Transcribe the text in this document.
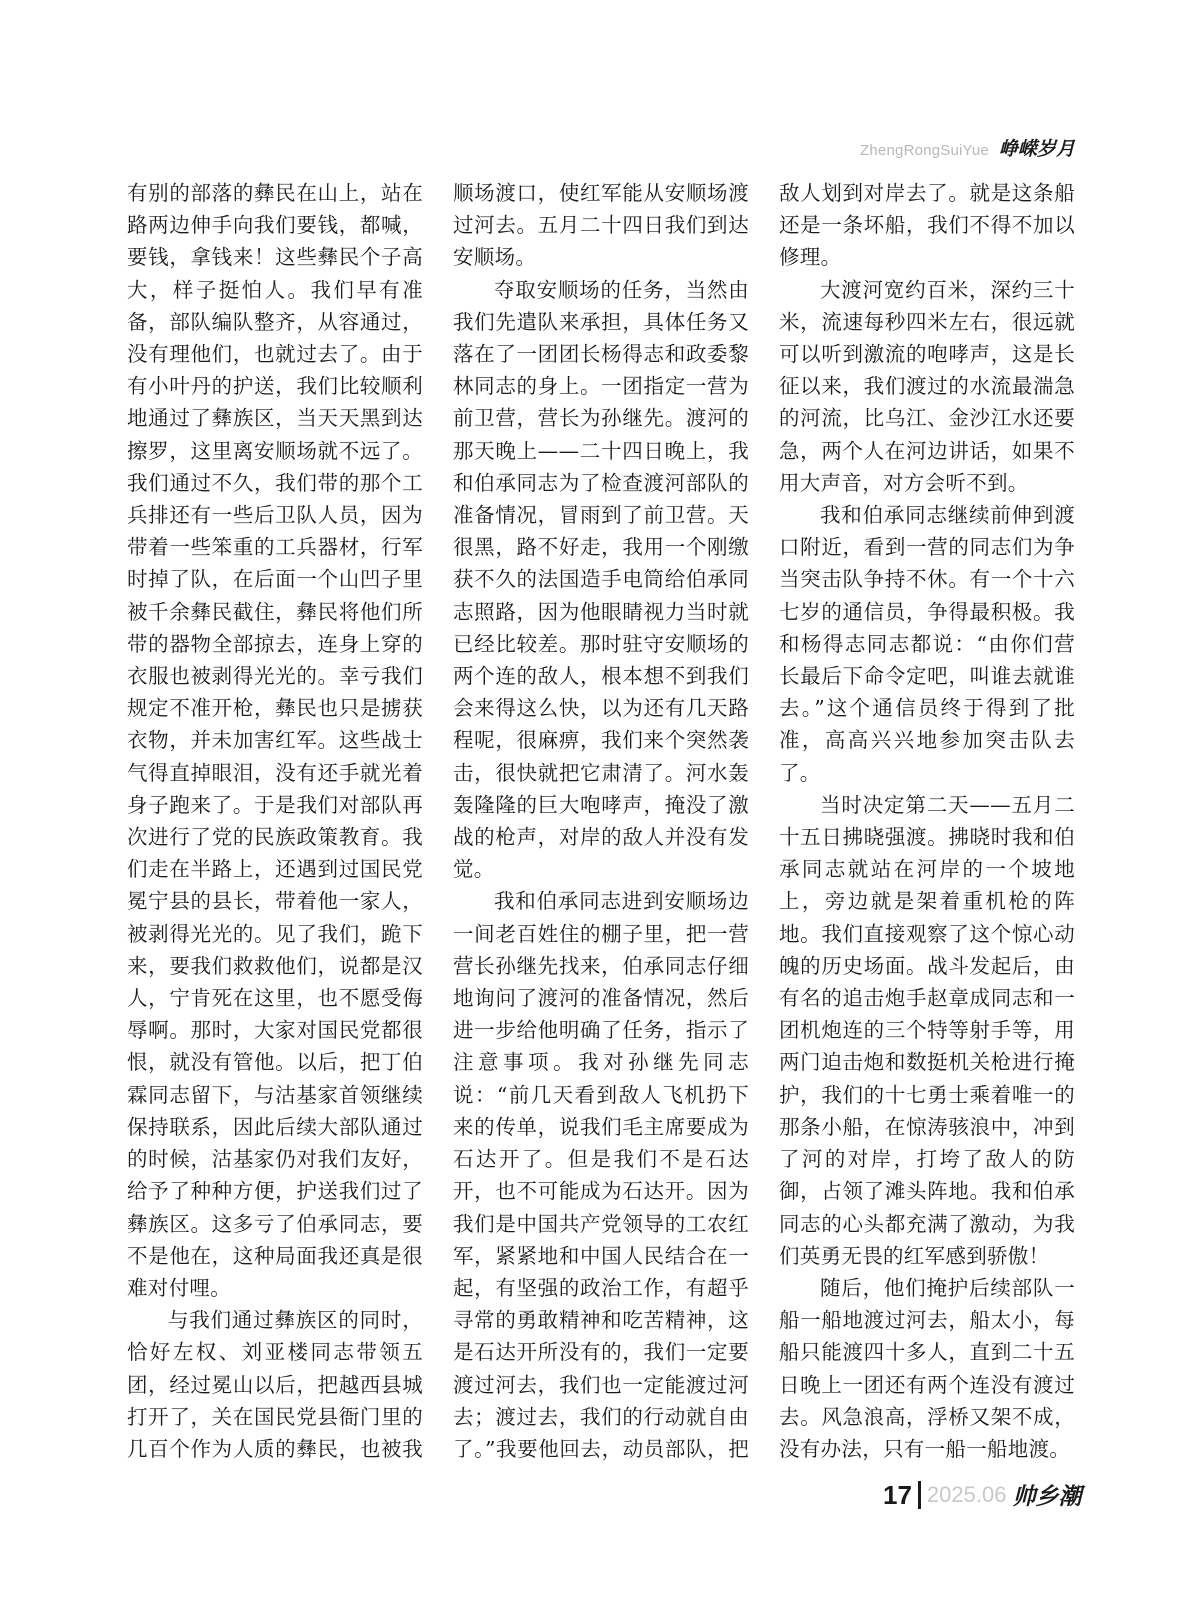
ZhengRongSuiYue 峥嵘岁月

有别的部落的彝民在山上，站在路两边伸手向我们要钱，都喊，要钱，拿钱来！这些彝民个子高大，样子挺怕人。我们早有准备，部队编队整齐，从容通过，没有理他们，也就过去了。由于有小叶丹的护送，我们比较顺利地通过了彝族区，当天天黑到达擦罗，这里离安顺场就不远了。我们通过不久，我们带的那个工兵排还有一些后卫队人员，因为带着一些笨重的工兵器材，行军时掉了队，在后面一个山凹子里被千余彝民截住，彝民将他们所带的器物全部掠去，连身上穿的衣服也被剥得光光的。幸亏我们规定不准开枪，彝民也只是掳获衣物，并未加害红军。这些战士气得直掉眼泪，没有还手就光着身子跑来了。于是我们对部队再次进行了党的民族政策教育。我们走在半路上，还遇到过国民党冕宁县的县长，带着他一家人，被剥得光光的。见了我们，跪下来，要我们救救他们，说都是汉人，宁肯死在这里，也不愿受侮辱啊。那时，大家对国民党都很恨，就没有管他。以后，把丁伯霖同志留下，与沽基家首领继续保持联系，因此后续大部队通过的时候，沽基家仍对我们友好，给予了种种方便，护送我们过了彝族区。这多亏了伯承同志，要不是他在，这种局面我还真是很难对付哩。

与我们通过彝族区的同时，恰好左权、刘亚楼同志带领五团，经过冕山以后，把越西县城打开了，关在国民党县衙门里的几百个作为人质的彝民，也被我

顺场渡口，使红军能从安顺场渡过河去。五月二十四日我们到达安顺场。

夺取安顺场的任务，当然由我们先遣队来承担，具体任务又落在了一团团长杨得志和政委黎林同志的身上。一团指定一营为前卫营，营长为孙继先。渡河的那天晚上——二十四日晚上，我和伯承同志为了检查渡河部队的准备情况，冒雨到了前卫营。天很黑，路不好走，我用一个刚缴获不久的法国造手电筒给伯承同志照路，因为他眼睛视力当时就已经比较差。那时驻守安顺场的两个连的敌人，根本想不到我们会来得这么快，以为还有几天路程呢，很麻痹，我们来个突然袭击，很快就把它肃清了。河水轰轰隆隆的巨大咆哮声，掩没了激战的枪声，对岸的敌人并没有发觉。

我和伯承同志进到安顺场边一间老百姓住的棚子里，把一营营长孙继先找来，伯承同志仔细地询问了渡河的准备情况，然后进一步给他明确了任务，指示了注意事项。我对孙继先同志说：“前几天看到敌人飞机扔下来的传单，说我们毛主席要成为石达开了。但是我们不是石达开，也不可能成为石达开。因为我们是中国共产党领导的工农红军，紧紧地和中国人民结合在一起，有坚强的政治工作，有超乎寻常的勇敢精神和吃苦精神，这是石达开所没有的，我们一定要渡过河去，我们也一定能渡过河去；渡过去，我们的行动就自由了。”我要他回去，动员部队，把

敌人划到对岸去了。就是这条船还是一条坏船，我们不得不加以修理。

大渡河宽约百米，深约三十米，流速每秒四米左右，很远就可以听到激流的咆哮声，这是长征以来，我们渡过的水流最湍急的河流，比乌江、金沙江水还要急，两个人在河边讲话，如果不用大声音，对方会听不到。

我和伯承同志继续前伸到渡口附近，看到一营的同志们为争当突击队争持不休。有一个十六七岁的通信员，争得最积极。我和杨得志同志都说：“由你们营长最后下命令定吧，叫谁去就谁去。”这个通信员终于得到了批准，高高兴兴地参加突击队去了。

当时决定第二天——五月二十五日拂晓强渡。拂晓时我和伯承同志就站在河岸的一个坡地上，旁边就是架着重机枪的阵地。我们直接观察了这个惊心动魄的历史场面。战斗发起后，由有名的追击炮手赵章成同志和一团机炮连的三个特等射手等，用两门迫击炮和数挺机关枪进行掩护，我们的十七勇士乘着唯一的那条小船，在惊涛骇浪中，冲到了河的对岸，打垮了敌人的防御，占领了滩头阵地。我和伯承同志的心头都充满了激动，为我们英勇无畏的红军感到骄傲！

随后，他们掩护后续部队一船一船地渡过河去，船太小，每船只能渡四十多人，直到二十五日晚上一团还有两个连没有渡过去。风急浪高，浮桥又架不成，没有办法，只有一船一船地渡。

17 2025.06 帅乡潮
